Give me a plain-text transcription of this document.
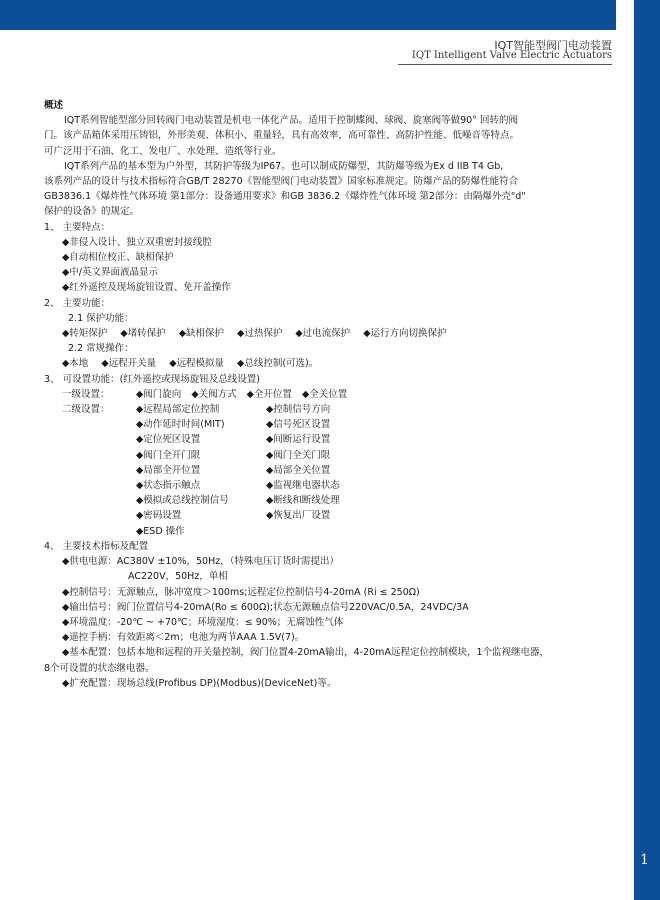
IQT智能型阀门电动装置
IQT Intelligent Valve Electric Actuators
1
概述
IQT系列智能型部分回转阀门电动装置是机电一体化产品。适用于控制蝶阀、球阀、旋塞阀等做90° 回转的阀
门。该产品箱体采用压铸铝，外形美观、体积小、重量轻，具有高效率，高可靠性、高防护性能、低噪音等特点。
可广泛用于石油、化工、发电厂、水处理、造纸等行业。
IQT系列产品的基本型为户外型，其防护等级为IP67。也可以制成防爆型，其防爆等级为Ex d IIB T4 Gb,
该系列产品的设计与技术指标符合GB/T 28270《智能型阀门电动装置》国家标准规定。防爆产品的防爆性能符合
GB3836.1《爆炸性气体环境 第1部分：设备通用要求》和GB 3836.2《爆炸性气体环境 第2部分：由隔爆外壳"d"
保护的设备》的规定。
1、 主要特点：
◆非侵入设计、独立双重密封接线腔
◆自动相位校正、缺相保护
◆中/英文界面液晶显示
◆红外遥控及现场旋钮设置、免开盖操作
2、 主要功能：
2.1 保护功能：
◆转矩保护 ◆堵转保护 ◆缺相保护 ◆过热保护 ◆过电流保护 ◆运行方向切换保护
2.2 常规操作：
◆本地 ◆远程开关量 ◆远程模拟量 ◆总线控制(可选)。
3、 可设置功能：(红外遥控或现场旋钮及总线设置)
一级设置：	◆阀门旋向 ◆关阀方式 ◆全开位置 ◆全关位置
二级设置：	◆远程局部定位控制	◆控制信号方向
◆动作延时时间(MIT)	◆信号死区设置
◆定位死区设置	◆间断运行设置
◆阀门全开门限	◆阀门全关门限
◆局部全开位置	◆局部全关位置
◆状态指示触点	◆监视继电器状态
◆模拟或总线控制信号	◆断线和断线处理
◆密码设置	◆恢复出厂设置
◆ESD 操作
4、 主要技术指标及配置
◆供电电源： AC380V ±10%，50Hz，（特殊电压订货时需提出）
AC220V，50Hz，单相
◆控制信号： 无源触点，脉冲宽度＞100ms;远程定位控制信号4-20mA (Ri ≤ 250Ω)
◆输出信号： 阀门位置信号4-20mA(Ro ≤ 600Ω);状态无源触点信号220VAC/0.5A，24VDC/3A
◆环境温度： -20℃ ~ +70℃；环境湿度：≤ 90%；无腐蚀性气体
◆遥控手柄： 有效距离＜2m；电池为两节AAA 1.5V(7)。
◆基本配置： 包括本地和远程的开关量控制，阀门位置4-20mA输出，4-20mA远程定位控制模块，1个监视继电器，
8个可设置的状态继电器。
◆扩充配置： 现场总线(Profibus DP)(Modbus)(DeviceNet)等。
